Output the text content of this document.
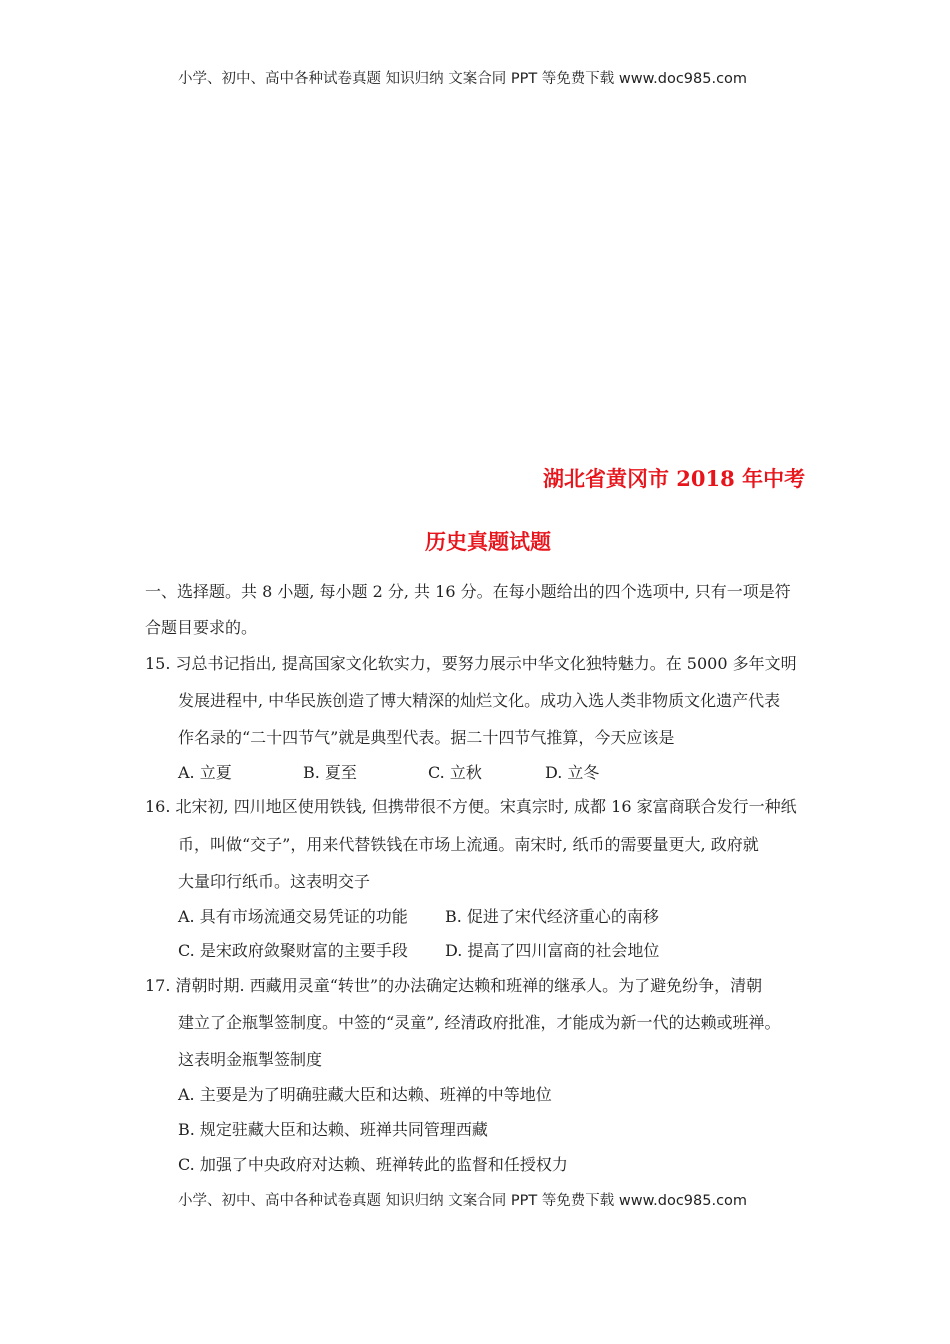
小学、初中、高中各种试卷真题 知识归纳 文案合同 PPT 等免费下载 www.doc985.com
湖北省黄冈市 2018 年中考
历史真题试题
一、选择题。共 8 小题, 每小题 2 分, 共 16 分。在每小题给出的四个选项中, 只有一项是符
合题目要求的。
15. 习总书记指出, 提高国家文化软实力，要努力展示中华文化独特魅力。在 5000 多年文明
发展进程中, 中华民族创造了博大精深的灿烂文化。成功入选人类非物质文化遗产代表
作名录的“二十四节气”就是典型代表。据二十四节气推算，今天应该是
A. 立夏	B. 夏至	C. 立秋	D. 立冬
16. 北宋初, 四川地区使用铁钱, 但携带很不方便。宋真宗时, 成都 16 家富商联合发行一种纸
币，叫做“交子”，用来代替铁钱在市场上流通。南宋时, 纸币的需要量更大, 政府就
大量印行纸币。这表明交子
A. 具有市场流通交易凭证的功能 B. 促进了宋代经济重心的南移
C. 是宋政府敛聚财富的主要手段 D. 提高了四川富商的社会地位
17. 清朝时期. 西藏用灵童“转世”的办法确定达赖和班禅的继承人。为了避免纷争，清朝
建立了企瓶掣签制度。中签的“灵童”, 经清政府批准，才能成为新一代的达赖或班禅。
这表明金瓶掣签制度
A. 主要是为了明确驻藏大臣和达赖、班禅的中等地位
B. 规定驻藏大臣和达赖、班禅共同管理西藏
C. 加强了中央政府对达赖、班禅转此的监督和任授权力
小学、初中、高中各种试卷真题 知识归纳 文案合同 PPT 等免费下载 www.doc985.com
